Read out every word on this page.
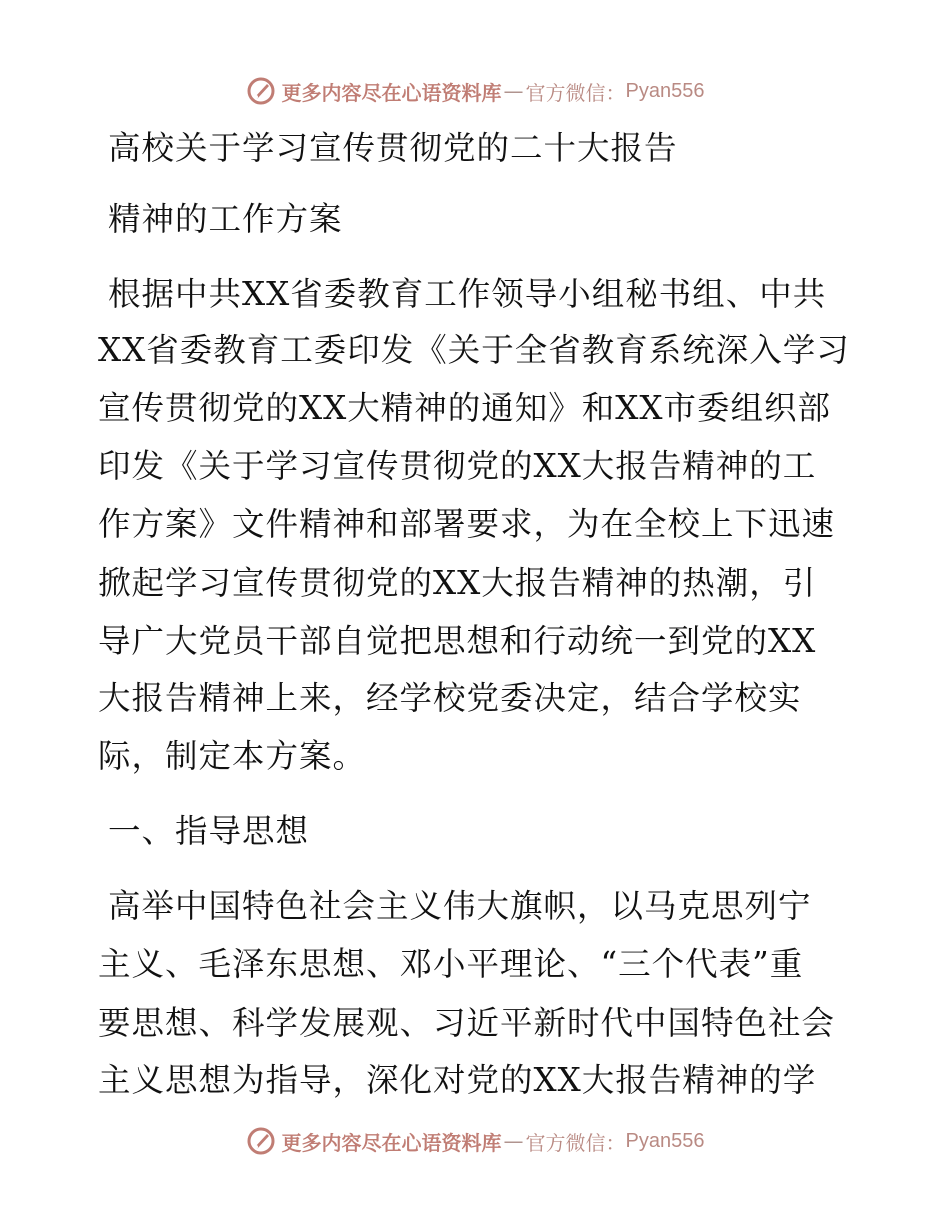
更多内容尽在心语资料库 — 官方微信： Pyan556
高校关于学习宣传贯彻党的二十大报告
精神的工作方案
根据中共XX省委教育工作领导小组秘书组、中共
XX省委教育工委印发《关于全省教育系统深入学习
宣传贯彻党的XX大精神的通知》和XX市委组织部
印发《关于学习宣传贯彻党的XX大报告精神的工
作方案》文件精神和部署要求，为在全校上下迅速
掀起学习宣传贯彻党的XX大报告精神的热潮，引
导广大党员干部自觉把思想和行动统一到党的XX
大报告精神上来，经学校党委决定，结合学校实
际，制定本方案。
一、指导思想
高举中国特色社会主义伟大旗帜，以马克思列宁
主义、毛泽东思想、邓小平理论、“三个代表”重
要思想、科学发展观、习近平新时代中国特色社会
主义思想为指导，深化对党的XX大报告精神的学
更多内容尽在心语资料库 — 官方微信： Pyan556
